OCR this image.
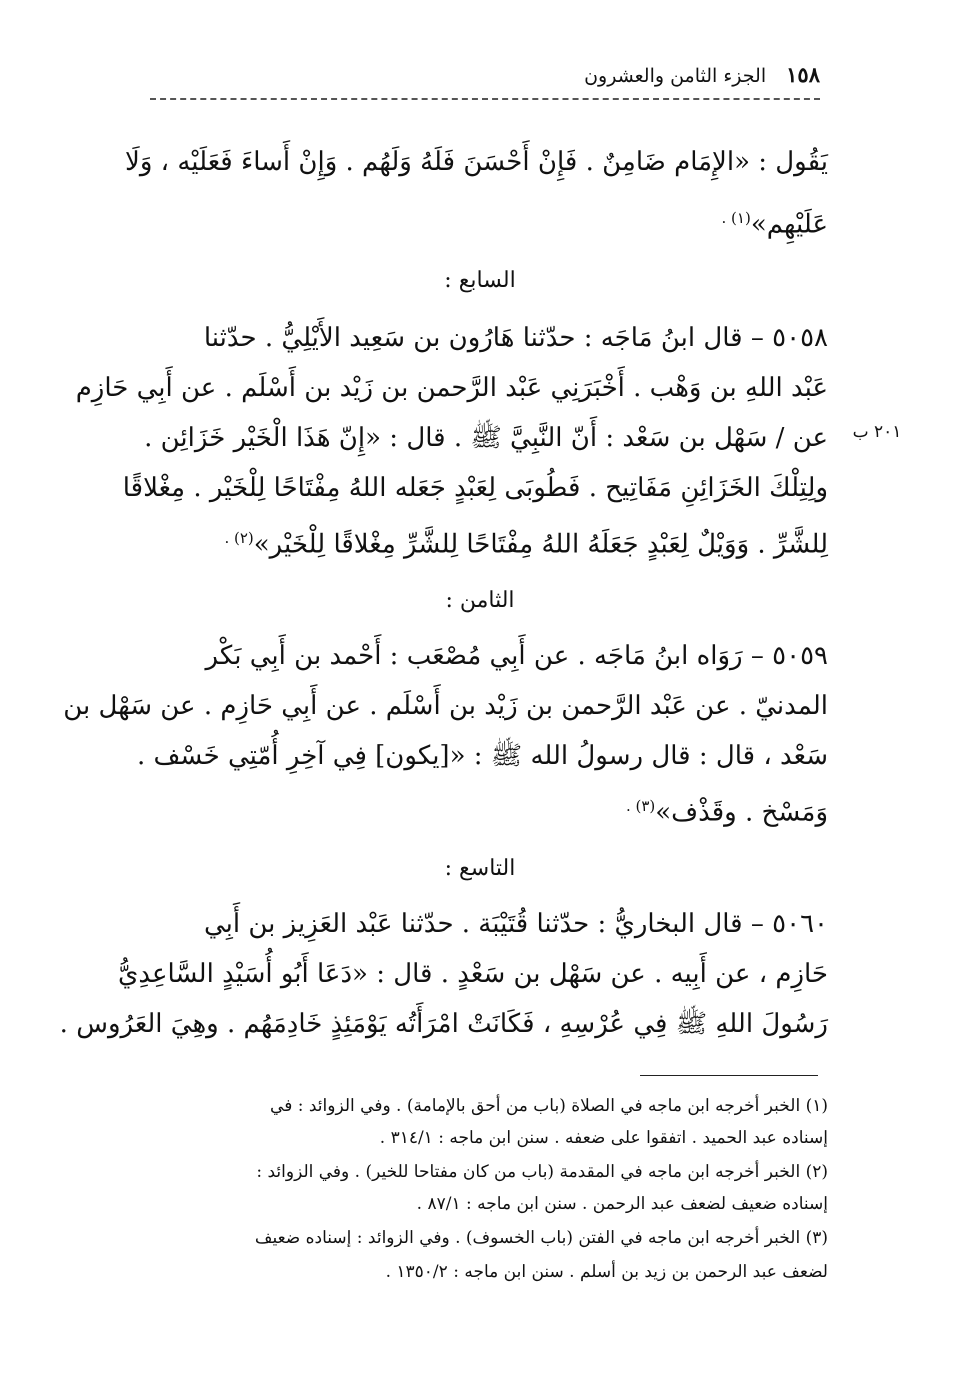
١٥٨ الجزء الثامن والعشرون
يَقُول : «الإِمَام ضَامِنٌ . فَإِنْ أَحْسَنَ فَلَهُ وَلَهُم . وَإِنْ أَساءَ فَعَلَيْه ، وَلَا
عَلَيْهِم»$^{(١) .}$
السابع :
٥٠٥٨ – قال ابنُ مَاجَه : حدّثنا هَارُون بن سَعِيد الأَيْلِيُّ . حدّثنا
عَبْد اللهِ بن وَهْب . أَخْبَرَنِي عَبْد الرَّحمن بن زَيْد بن أَسْلَم . عن أَبِي حَازِم
عن / سَهْل بن سَعْد : أَنّ النَّبِيَّ ﷺ . قال : «إِنّ هَذَا الْخَيْر خَزَائِن .	٢٠١ ب
ولِتِلْكَ الخَزَائِنِ مَفَاتِيح . فَطُوبَى لِعَبْدٍ جَعَله اللهُ مِفْتَاحًا لِلْخَيْر . مِغْلاقًا
لِلشَّرِّ . وَوَيْلٌ لِعَبْدٍ جَعَلَهُ اللهُ مِفْتَاحًا لِلشَّرِّ مِغْلاقًا لِلْخَيْر»$^{(٢) .}$
الثامن :
٥٠٥٩ – رَوَاه ابنُ مَاجَه . عن أَبِي مُصْعَب : أَحْمد بن أَبِي بَكْر
المدنيّ . عن عَبْد الرَّحمن بن زَيْد بن أَسْلَم . عن أَبِي حَازِم . عن سَهْل بن
سَعْد ، قال : قال رسولُ الله ﷺ : «[يكون] فِي آخِرِ أُمّتِي خَسْف .
وَمَسْخ . وقَذْف»$^{(٣) .}$
التاسع :
٥٠٦٠ – قال البخاريُّ : حدّثنا قُتَيْبَة . حدّثنا عَبْد العَزِيز بن أَبِي
حَازِم ، عن أَبِيه . عن سَهْل بن سَعْدٍ . قال : «دَعَا أَبُو أُسَيْدٍ السَّاعِدِيُّ
رَسُولَ اللهِ ﷺ فِي عُرْسِهِ ، فَكَانَتْ امْرَأَتُه يَوْمَئِذٍ خَادِمَهُم . وهِيَ العَرُوس .
(١) الخبر أخرجه ابن ماجه في الصلاة (باب من أحق بالإمامة) . وفي الزوائد : في
إسناده عبد الحميد . اتفقوا على ضعفه . سنن ابن ماجه : ٣١٤/١ .
(٢) الخبر أخرجه ابن ماجه في المقدمة (باب من كان مفتاحا للخير) . وفي الزوائد :
إسناده ضعيف لضعف عبد الرحمن . سنن ابن ماجه : ٨٧/١ .
(٣) الخبر أخرجه ابن ماجه في الفتن (باب الخسوف) . وفي الزوائد : إسناده ضعيف
لضعف عبد الرحمن بن زيد بن أسلم . سنن ابن ماجه : ١٣٥٠/٢ .
